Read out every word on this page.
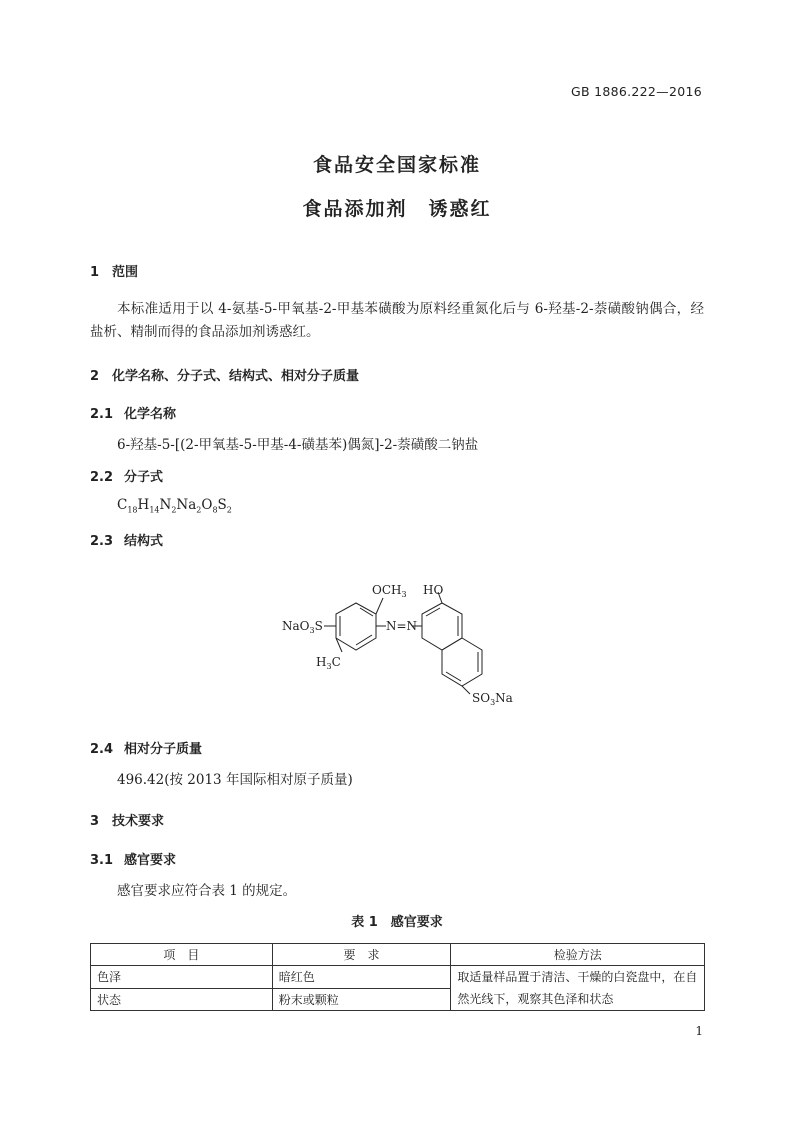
GB 1886.222—2016
食品安全国家标准
食品添加剂　诱惑红
1 范围
本标准适用于以 4-氨基-5-甲氧基-2-甲基苯磺酸为原料经重氮化后与 6-羟基-2-萘磺酸钠偶合，经盐析、精制而得的食品添加剂诱惑红。
2 化学名称、分子式、结构式、相对分子质量
2.1 化学名称
6-羟基-5-[(2-甲氧基-5-甲基-4-磺基苯)偶氮]-2-萘磺酸二钠盐
2.2 分子式
$C_{18}H_{14}N_2Na_2O_8S_2$
2.3 结构式
$OCH_3$ HO
NaO$_3$S	N=N
$H_3C$
$SO_3Na$
2.4 相对分子质量
496.42(按 2013 年国际相对原子质量)
3 技术要求
3.1 感官要求
感官要求应符合表 1 的规定。
表 1　感官要求
项　目	要　求	检验方法
色泽	暗红色	取适量样品置于清洁、干燥的白瓷盘中，在自然光线下，观察其色泽和状态
状态	粉末或颗粒	
1
